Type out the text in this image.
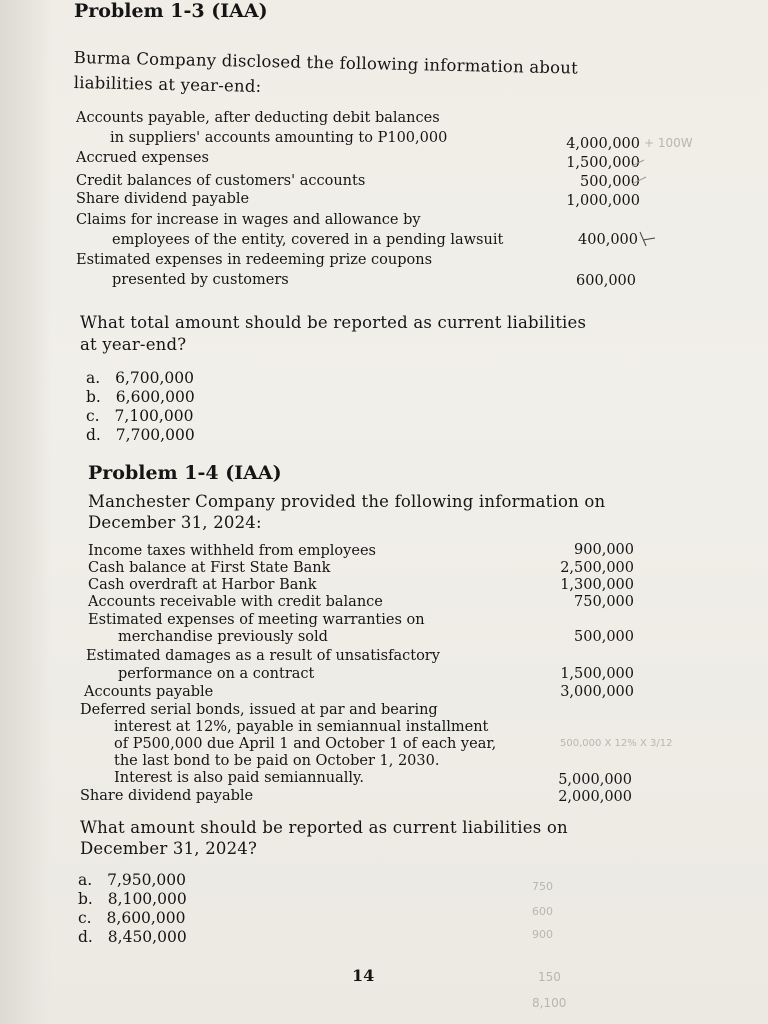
Problem 1-3 (IAA)
Burma Company disclosed the following information about
liabilities at year-end:
Accounts payable, after deducting debit balances
in suppliers' accounts amounting to P100,000	4,000,000
Accrued expenses	1,500,000
Credit balances of customers' accounts	500,000
Share dividend payable	1,000,000
Claims for increase in wages and allowance by
employees of the entity, covered in a pending lawsuit	400,000
Estimated expenses in redeeming prize coupons
presented by customers	600,000
+ 100W
What total amount should be reported as current liabilities
at year-end?
a. 6,700,000
b. 6,600,000
c. 7,100,000
d. 7,700,000
Problem 1-4 (IAA)
Manchester Company provided the following information on
December 31, 2024:
Income taxes withheld from employees	900,000
Cash balance at First State Bank	2,500,000
Cash overdraft at Harbor Bank	1,300,000
Accounts receivable with credit balance	750,000
Estimated expenses of meeting warranties on
merchandise previously sold	500,000
Estimated damages as a result of unsatisfactory
performance on a contract	1,500,000
Accounts payable	3,000,000
Deferred serial bonds, issued at par and bearing
interest at 12%, payable in semiannual installment
of P500,000 due April 1 and October 1 of each year,
the last bond to be paid on October 1, 2030.
Interest is also paid semiannually.	5,000,000
Share dividend payable	2,000,000
500,000 X 12% X 3/12
750
600
900
150
8,100
What amount should be reported as current liabilities on
December 31, 2024?
a. 7,950,000
b. 8,100,000
c. 8,600,000
d. 8,450,000
14
